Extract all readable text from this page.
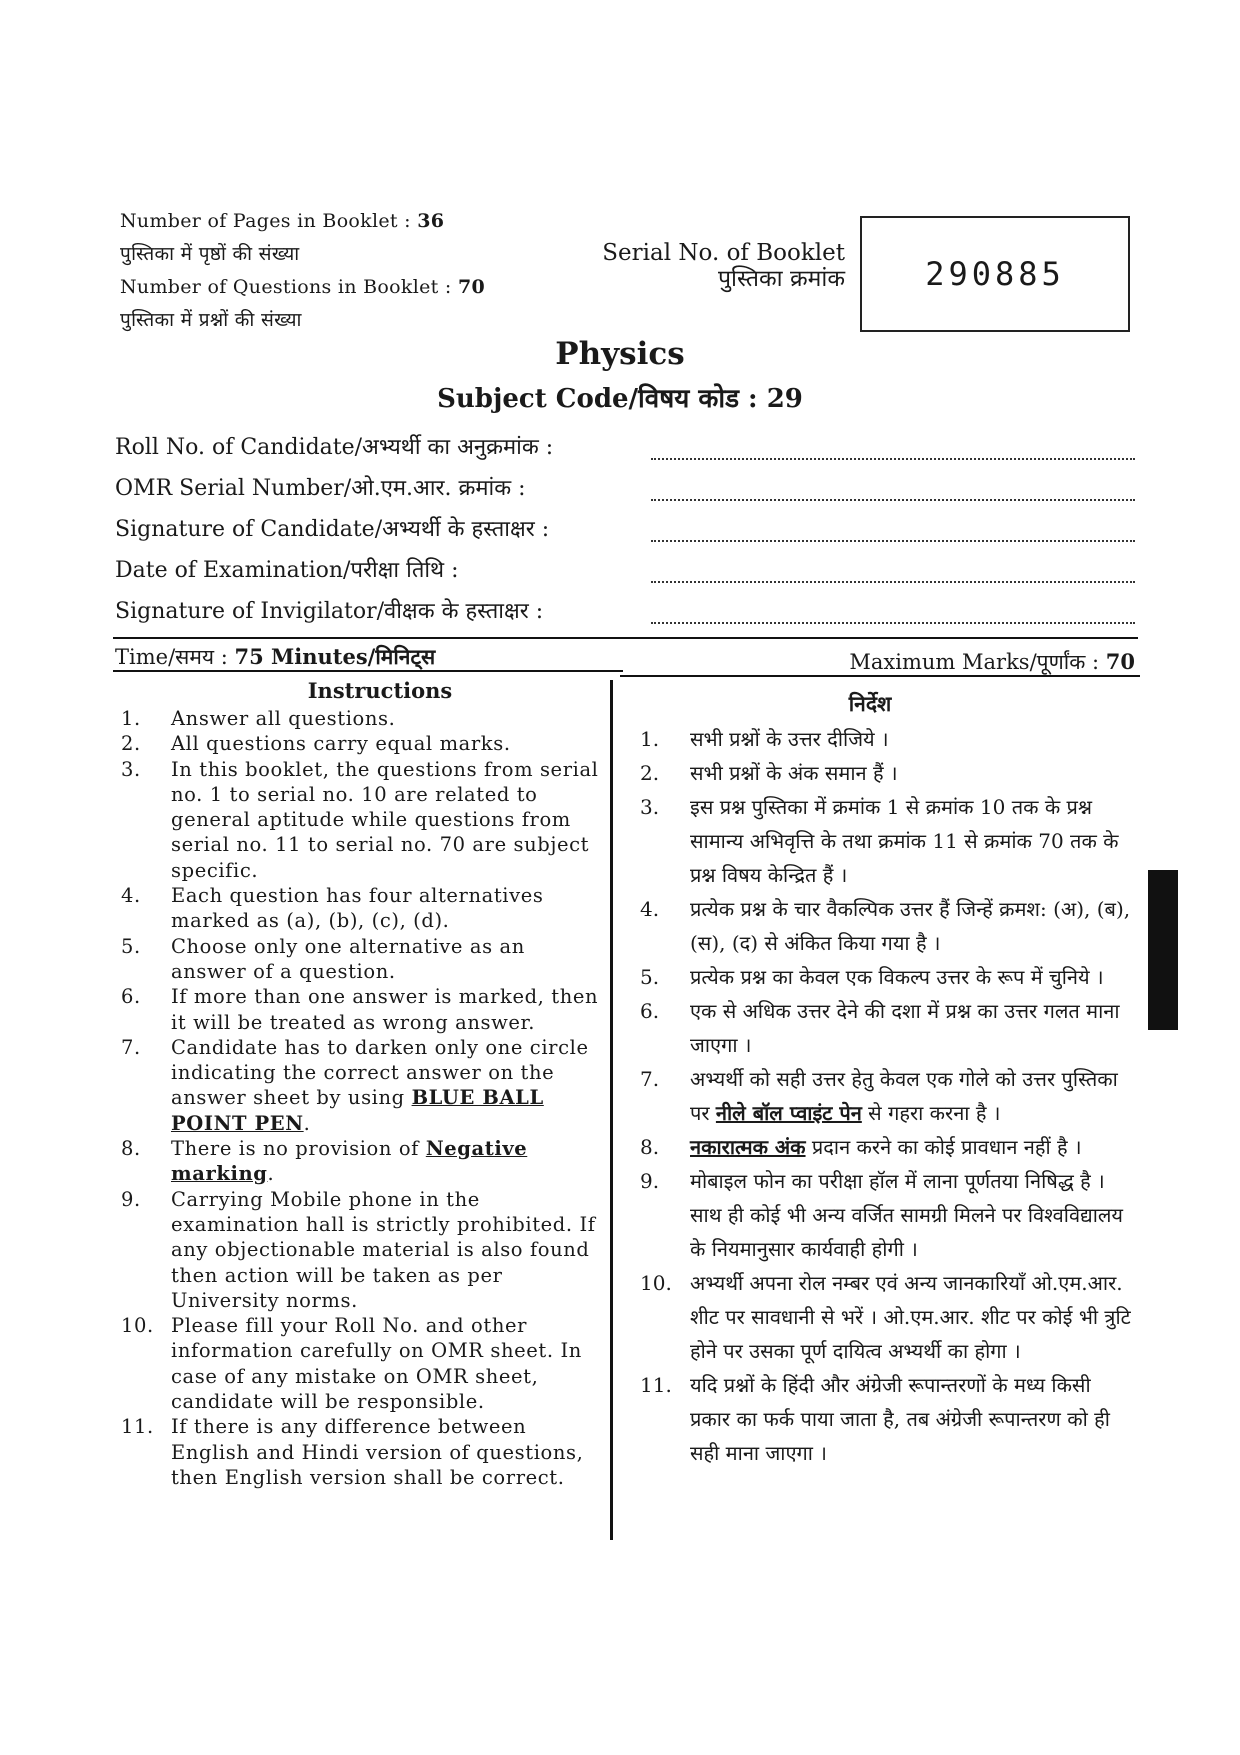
Number of Pages in Booklet : 36
पुस्तिका में पृष्ठों की संख्या
Number of Questions in Booklet : 70
पुस्तिका में प्रश्नों की संख्या
Serial No. of Booklet
पुस्तिका क्रमांक	290885
Physics
Subject Code/विषय कोड : 29
Roll No. of Candidate/अभ्यर्थी का अनुक्रमांक :
OMR Serial Number/ओ.एम.आर. क्रमांक :
Signature of Candidate/अभ्यर्थी के हस्ताक्षर :
Date of Examination/परीक्षा तिथि :
Signature of Invigilator/वीक्षक के हस्ताक्षर :
Time/समय : 75 Minutes/मिनिट्स	Maximum Marks/पूर्णांक : 70
Instructions
1. Answer all questions.
2. All questions carry equal marks.
3. In this booklet, the questions from serial no. 1 to serial no. 10 are related to general aptitude while questions from serial no. 11 to serial no. 70 are subject specific.
4. Each question has four alternatives marked as (a), (b), (c), (d).
5. Choose only one alternative as an answer of a question.
6. If more than one answer is marked, then it will be treated as wrong answer.
7. Candidate has to darken only one circle indicating the correct answer on the answer sheet by using BLUE BALL POINT PEN.
8. There is no provision of Negative marking.
9. Carrying Mobile phone in the examination hall is strictly prohibited. If any objectionable material is also found then action will be taken as per University norms.
10. Please fill your Roll No. and other information carefully on OMR sheet. In case of any mistake on OMR sheet, candidate will be responsible.
11. If there is any difference between English and Hindi version of questions, then English version shall be correct.
निर्देश
1. सभी प्रश्नों के उत्तर दीजिये ।
2. सभी प्रश्नों के अंक समान हैं ।
3. इस प्रश्न पुस्तिका में क्रमांक 1 से क्रमांक 10 तक के प्रश्न सामान्य अभिवृत्ति के तथा क्रमांक 11 से क्रमांक 70 तक के प्रश्न विषय केन्द्रित हैं ।
4. प्रत्येक प्रश्न के चार वैकल्पिक उत्तर हैं जिन्हें क्रमश: (अ), (ब), (स), (द) से अंकित किया गया है ।
5. प्रत्येक प्रश्न का केवल एक विकल्प उत्तर के रूप में चुनिये ।
6. एक से अधिक उत्तर देने की दशा में प्रश्न का उत्तर गलत माना जाएगा ।
7. अभ्यर्थी को सही उत्तर हेतु केवल एक गोले को उत्तर पुस्तिका पर नीले बॉल प्वाइंट पेन से गहरा करना है ।
8. नकारात्मक अंक प्रदान करने का कोई प्रावधान नहीं है ।
9. मोबाइल फोन का परीक्षा हॉल में लाना पूर्णतया निषिद्ध है । साथ ही कोई भी अन्य वर्जित सामग्री मिलने पर विश्वविद्यालय के नियमानुसार कार्यवाही होगी ।
10. अभ्यर्थी अपना रोल नम्बर एवं अन्य जानकारियाँ ओ.एम.आर. शीट पर सावधानी से भरें । ओ.एम.आर. शीट पर कोई भी त्रुटि होने पर उसका पूर्ण दायित्व अभ्यर्थी का होगा ।
11. यदि प्रश्नों के हिंदी और अंग्रेजी रूपान्तरणों के मध्य किसी प्रकार का फर्क पाया जाता है, तब अंग्रेजी रूपान्तरण को ही सही माना जाएगा ।
